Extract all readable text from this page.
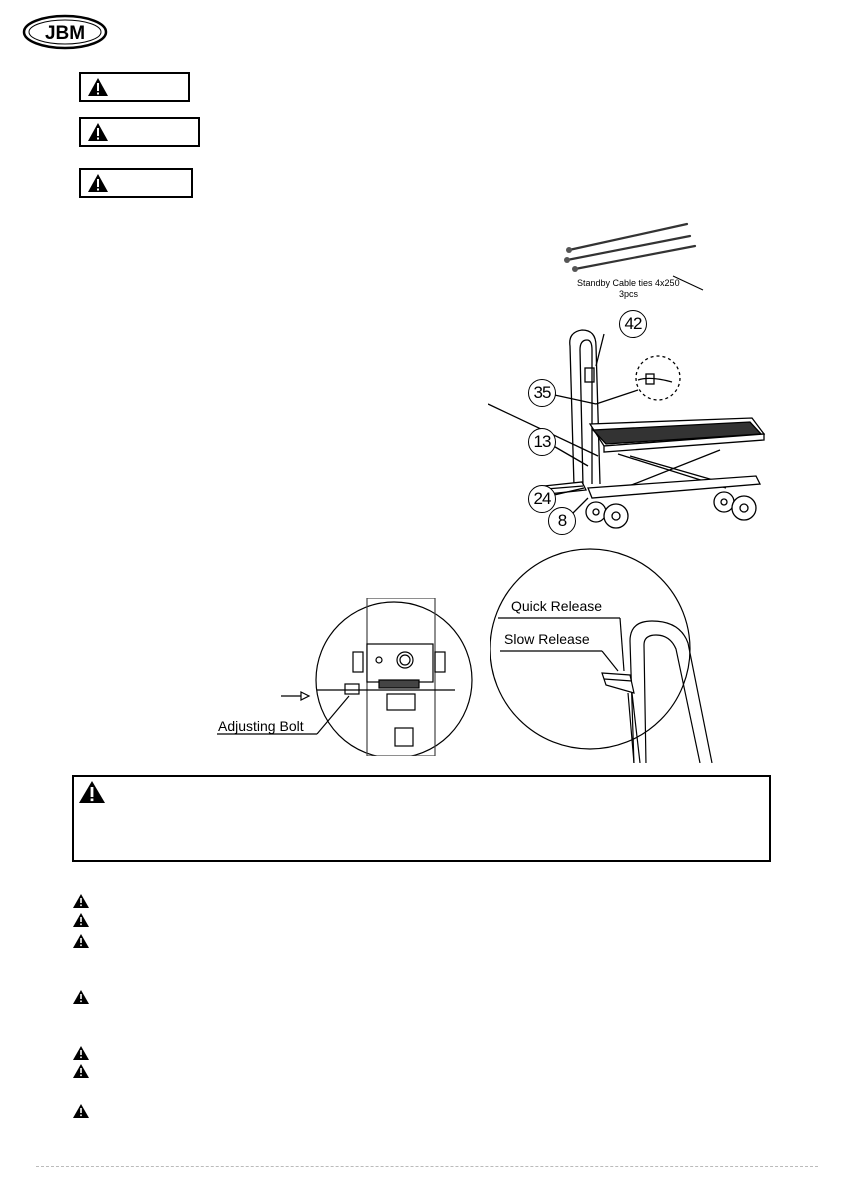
JBM
Standby Cable ties 4x250
3pcs
42
35
13
24
8
Adjusting Bolt
Quick Release
Slow Release
